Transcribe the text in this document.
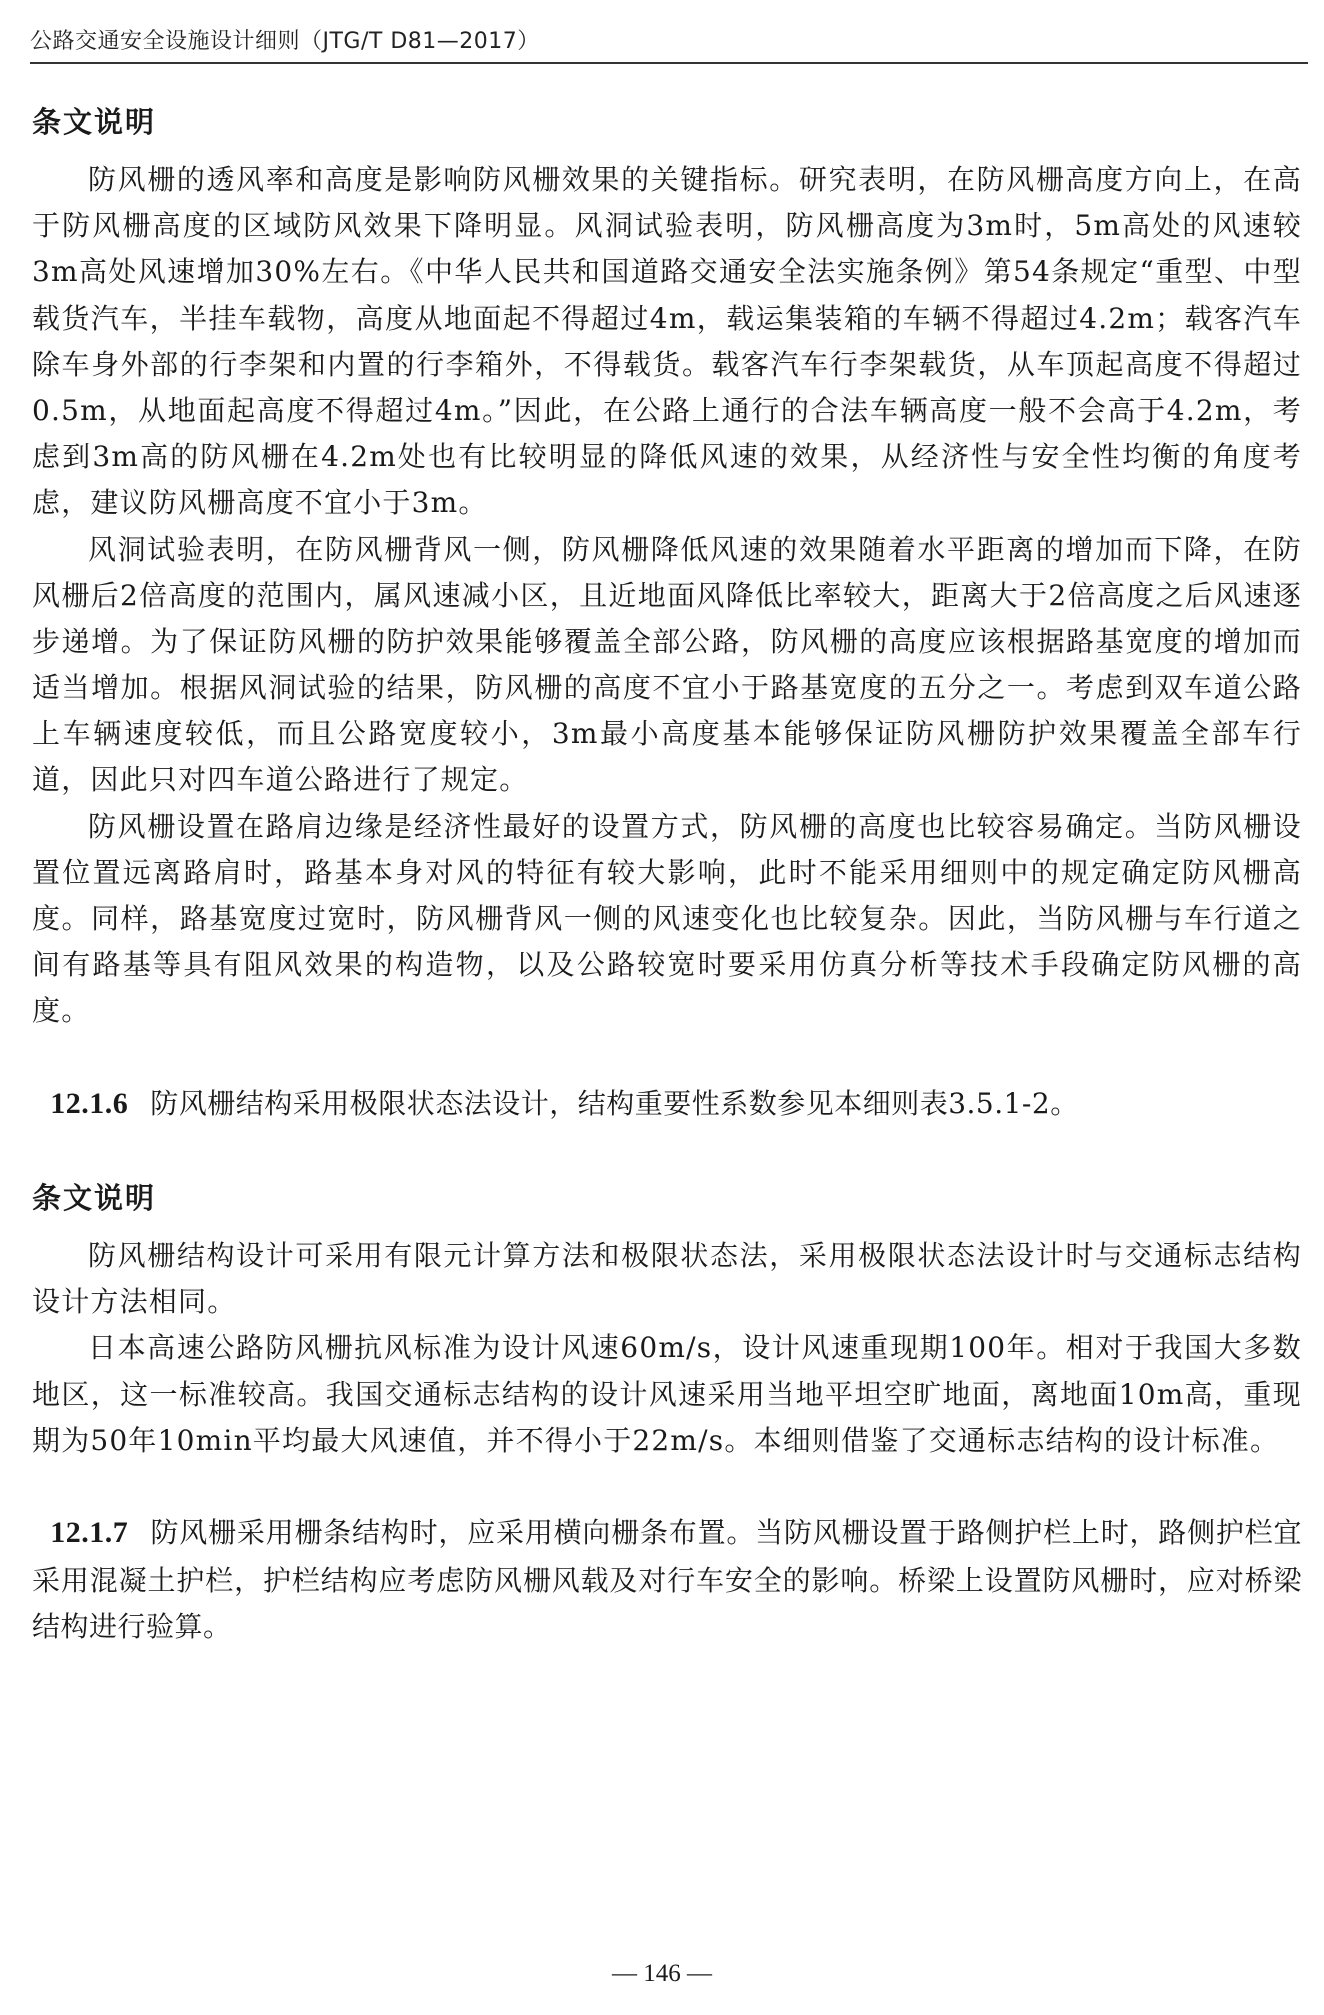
公路交通安全设施设计细则（JTG/T D81—2017）
条文说明

防风栅的透风率和高度是影响防风栅效果的关键指标。研究表明，在防风栅高度方向上，在高于防风栅高度的区域防风效果下降明显。风洞试验表明，防风栅高度为3m时，5m高处的风速较3m高处风速增加30%左右。《中华人民共和国道路交通安全法实施条例》第54条规定“重型、中型载货汽车，半挂车载物，高度从地面起不得超过4m，载运集装箱的车辆不得超过4.2m；载客汽车除车身外部的行李架和内置的行李箱外，不得载货。载客汽车行李架载货，从车顶起高度不得超过0.5m，从地面起高度不得超过4m。”因此，在公路上通行的合法车辆高度一般不会高于4.2m，考虑到3m高的防风栅在4.2m处也有比较明显的降低风速的效果，从经济性与安全性均衡的角度考虑，建议防风栅高度不宜小于3m。

风洞试验表明，在防风栅背风一侧，防风栅降低风速的效果随着水平距离的增加而下降，在防风栅后2倍高度的范围内，属风速减小区，且近地面风降低比率较大，距离大于2倍高度之后风速逐步递增。为了保证防风栅的防护效果能够覆盖全部公路，防风栅的高度应该根据路基宽度的增加而适当增加。根据风洞试验的结果，防风栅的高度不宜小于路基宽度的五分之一。考虑到双车道公路上车辆速度较低，而且公路宽度较小，3m最小高度基本能够保证防风栅防护效果覆盖全部车行道，因此只对四车道公路进行了规定。

防风栅设置在路肩边缘是经济性最好的设置方式，防风栅的高度也比较容易确定。当防风栅设置位置远离路肩时，路基本身对风的特征有较大影响，此时不能采用细则中的规定确定防风栅高度。同样，路基宽度过宽时，防风栅背风一侧的风速变化也比较复杂。因此，当防风栅与车行道之间有路基等具有阻风效果的构造物，以及公路较宽时要采用仿真分析等技术手段确定防风栅的高度。

12.1.6 防风栅结构采用极限状态法设计，结构重要性系数参见本细则表3.5.1-2。

条文说明

防风栅结构设计可采用有限元计算方法和极限状态法，采用极限状态法设计时与交通标志结构设计方法相同。

日本高速公路防风栅抗风标准为设计风速60m/s，设计风速重现期100年。相对于我国大多数地区，这一标准较高。我国交通标志结构的设计风速采用当地平坦空旷地面，离地面10m高，重现期为50年10min平均最大风速值，并不得小于22m/s。本细则借鉴了交通标志结构的设计标准。

12.1.7 防风栅采用栅条结构时，应采用横向栅条布置。当防风栅设置于路侧护栏上时，路侧护栏宜采用混凝土护栏，护栏结构应考虑防风栅风载及对行车安全的影响。桥梁上设置防风栅时，应对桥梁结构进行验算。

— 146 —
